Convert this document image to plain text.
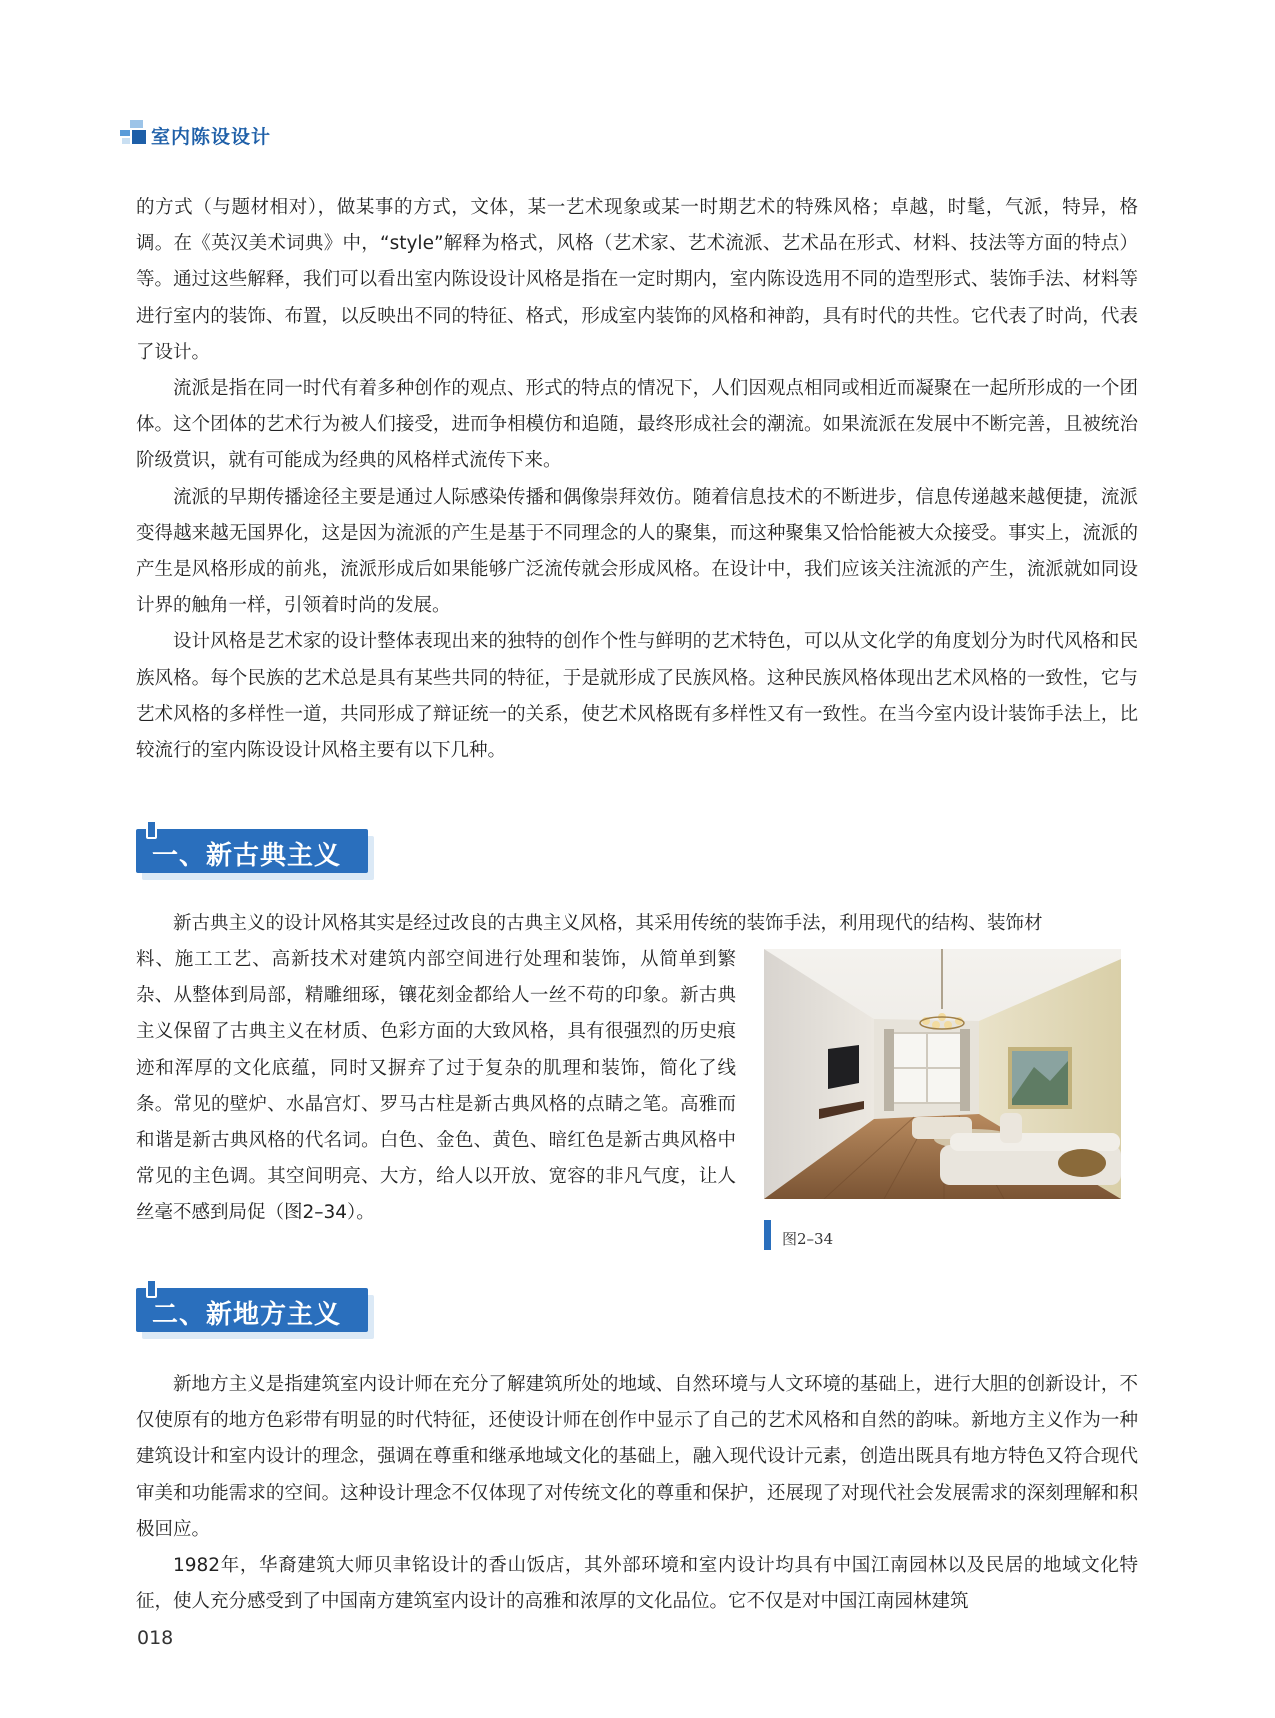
室内陈设设计

的方式（与题材相对），做某事的方式，文体，某一艺术现象或某一时期艺术的特殊风格；卓越，时髦，气派，特异，格调。在《英汉美术词典》中，“style”解释为格式，风格（艺术家、艺术流派、艺术品在形式、材料、技法等方面的特点）等。通过这些解释，我们可以看出室内陈设设计风格是指在一定时期内，室内陈设选用不同的造型形式、装饰手法、材料等进行室内的装饰、布置，以反映出不同的特征、格式，形成室内装饰的风格和神韵，具有时代的共性。它代表了时尚，代表了设计。

流派是指在同一时代有着多种创作的观点、形式的特点的情况下，人们因观点相同或相近而凝聚在一起所形成的一个团体。这个团体的艺术行为被人们接受，进而争相模仿和追随，最终形成社会的潮流。如果流派在发展中不断完善，且被统治阶级赏识，就有可能成为经典的风格样式流传下来。

流派的早期传播途径主要是通过人际感染传播和偶像崇拜效仿。随着信息技术的不断进步，信息传递越来越便捷，流派变得越来越无国界化，这是因为流派的产生是基于不同理念的人的聚集，而这种聚集又恰恰能被大众接受。事实上，流派的产生是风格形成的前兆，流派形成后如果能够广泛流传就会形成风格。在设计中，我们应该关注流派的产生，流派就如同设计界的触角一样，引领着时尚的发展。

设计风格是艺术家的设计整体表现出来的独特的创作个性与鲜明的艺术特色，可以从文化学的角度划分为时代风格和民族风格。每个民族的艺术总是具有某些共同的特征，于是就形成了民族风格。这种民族风格体现出艺术风格的一致性，它与艺术风格的多样性一道，共同形成了辩证统一的关系，使艺术风格既有多样性又有一致性。在当今室内设计装饰手法上，比较流行的室内陈设设计风格主要有以下几种。

一、新古典主义

新古典主义的设计风格其实是经过改良的古典主义风格，其采用传统的装饰手法，利用现代的结构、装饰材

料、施工工艺、高新技术对建筑内部空间进行处理和装饰，从简单到繁杂、从整体到局部，精雕细琢，镶花刻金都给人一丝不苟的印象。新古典主义保留了古典主义在材质、色彩方面的大致风格，具有很强烈的历史痕迹和浑厚的文化底蕴，同时又摒弃了过于复杂的肌理和装饰，简化了线条。常见的壁炉、水晶宫灯、罗马古柱是新古典风格的点睛之笔。高雅而和谐是新古典风格的代名词。白色、金色、黄色、暗红色是新古典风格中常见的主色调。其空间明亮、大方，给人以开放、宽容的非凡气度，让人丝毫不感到局促（图2–34）。
图2–34
二、新地方主义

新地方主义是指建筑室内设计师在充分了解建筑所处的地域、自然环境与人文环境的基础上，进行大胆的创新设计，不仅使原有的地方色彩带有明显的时代特征，还使设计师在创作中显示了自己的艺术风格和自然的韵味。新地方主义作为一种建筑设计和室内设计的理念，强调在尊重和继承地域文化的基础上，融入现代设计元素，创造出既具有地方特色又符合现代审美和功能需求的空间。这种设计理念不仅体现了对传统文化的尊重和保护，还展现了对现代社会发展需求的深刻理解和积极回应。

1982年，华裔建筑大师贝聿铭设计的香山饭店，其外部环境和室内设计均具有中国江南园林以及民居的地域文化特征，使人充分感受到了中国南方建筑室内设计的高雅和浓厚的文化品位。它不仅是对中国江南园林建筑

018
